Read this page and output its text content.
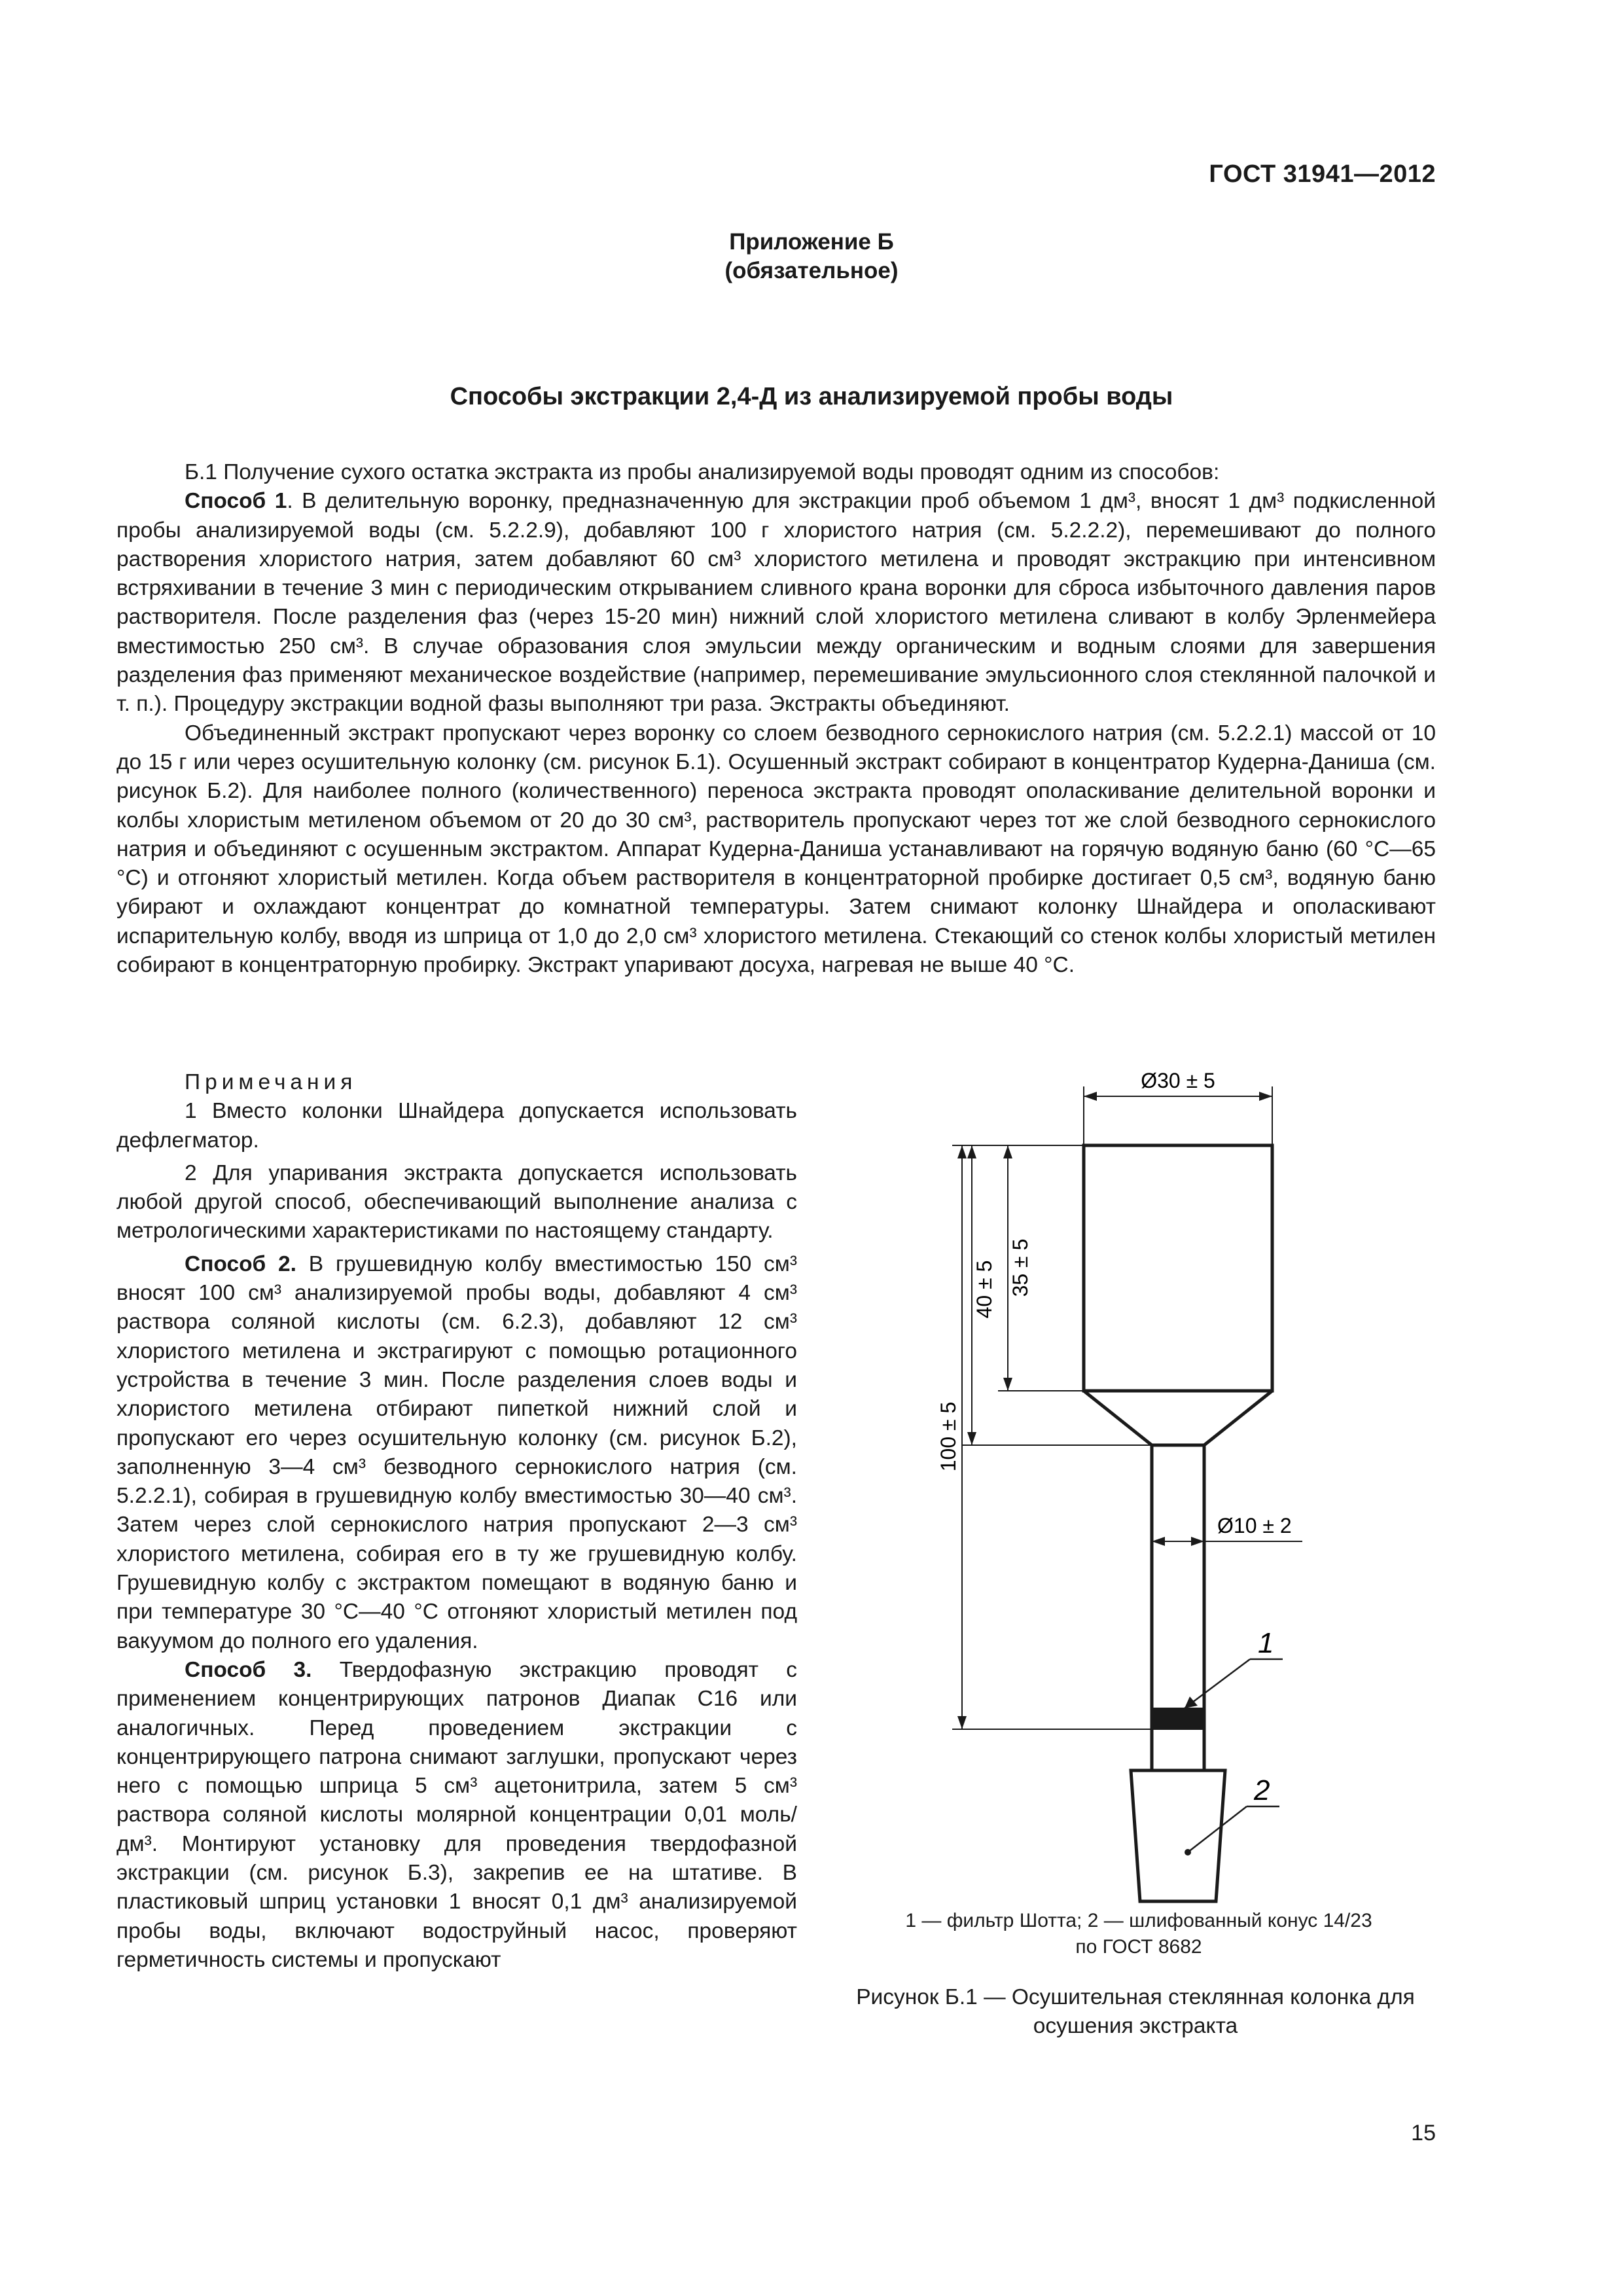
ГОСТ 31941—2012
Приложение Б
(обязательное)
Способы экстракции 2,4-Д из анализируемой пробы воды

Б.1 Получение сухого остатка экстракта из пробы анализируемой воды проводят одним из способов:

Способ 1. В делительную воронку, предназначенную для экстракции проб объемом 1 дм³, вносят 1 дм³ подкисленной пробы анализируемой воды (см. 5.2.2.9), добавляют 100 г хлористого натрия (см. 5.2.2.2), перемешивают до полного растворения хлористого натрия, затем добавляют 60 см³ хлористого метилена и проводят экстракцию при интенсивном встряхивании в течение 3 мин с периодическим открыванием сливного крана воронки для сброса избыточного давления паров растворителя. После разделения фаз (через 15-20 мин) нижний слой хлористого метилена сливают в колбу Эрленмейера вместимостью 250 см³. В случае образования слоя эмульсии между органическим и водным слоями для завершения разделения фаз применяют механическое воздействие (например, перемешивание эмульсионного слоя стеклянной палочкой и т. п.). Процедуру экстракции водной фазы выполняют три раза. Экстракты объединяют.

Объединенный экстракт пропускают через воронку со слоем безводного сернокислого натрия (см. 5.2.2.1) массой от 10 до 15 г или через осушительную колонку (см. рисунок Б.1). Осушенный экстракт собирают в концентратор Кудерна-Даниша (см. рисунок Б.2). Для наиболее полного (количественного) переноса экстракта проводят ополаскивание делительной воронки и колбы хлористым метиленом объемом от 20 до 30 см³, растворитель пропускают через тот же слой безводного сернокислого натрия и объединяют с осушенным экстрактом. Аппарат Кудерна-Даниша устанавливают на горячую водяную баню (60 °С—65 °С) и отгоняют хлористый метилен. Когда объем растворителя в концентраторной пробирке достигает 0,5 см³, водяную баню убирают и охлаждают концентрат до комнатной температуры. Затем снимают колонку Шнайдера и ополаскивают испарительную колбу, вводя из шприца от 1,0 до 2,0 см³ хлористого метилена. Стекающий со стенок колбы хлористый метилен собирают в концентраторную пробирку. Экстракт упаривают досуха, нагревая не выше 40 °С.

Примечания

1 Вместо колонки Шнайдера допускается использовать дефлегматор.

2 Для упаривания экстракта допускается использовать любой другой способ, обеспечивающий выполнение анализа с метрологическими характеристиками по настоящему стандарту.

Способ 2. В грушевидную колбу вместимостью 150 см³ вносят 100 см³ анализируемой пробы воды, добавляют 4 см³ раствора соляной кислоты (см. 6.2.3), добавляют 12 см³ хлористого метилена и экстрагируют с помощью ротационного устройства в течение 3 мин. После разделения слоев воды и хлористого метилена отбирают пипеткой нижний слой и пропускают его через осушительную колонку (см. рисунок Б.2), заполненную 3—4 см³ безводного сернокислого натрия (см. 5.2.2.1), собирая в грушевидную колбу вместимостью 30—40 см³. Затем через слой сернокислого натрия пропускают 2—3 см³ хлористого метилена, собирая его в ту же грушевидную колбу. Грушевидную колбу с экстрактом помещают в водяную баню и при температуре 30 °С—40 °С отгоняют хлористый метилен под вакуумом до полного его удаления.

Способ 3. Твердофазную экстракцию проводят с применением концентрирующих патронов Диапак С16 или аналогичных. Перед проведением экстракции с концентрирующего патрона снимают заглушки, пропускают через него с помощью шприца 5 см³ ацетонитрила, затем 5 см³ раствора соляной кислоты молярной концентрации 0,01 моль/дм³. Монтируют установку для проведения твердофазной экстракции (см. рисунок Б.3), закрепив ее на штативе. В пластиковый шприц установки 1 вносят 0,1 дм³ анализируемой пробы воды, включают водоструйный насос, проверяют герметичность системы и пропускают

Ø30 ± 5
35 ± 5
40 ± 5
100 ± 5
Ø10 ± 2
1
2
1 — фильтр Шотта; 2 — шлифованный конус 14/23
по ГОСТ 8682
Рисунок Б.1 — Осушительная стеклянная колонка для
осушения экстракта
15
